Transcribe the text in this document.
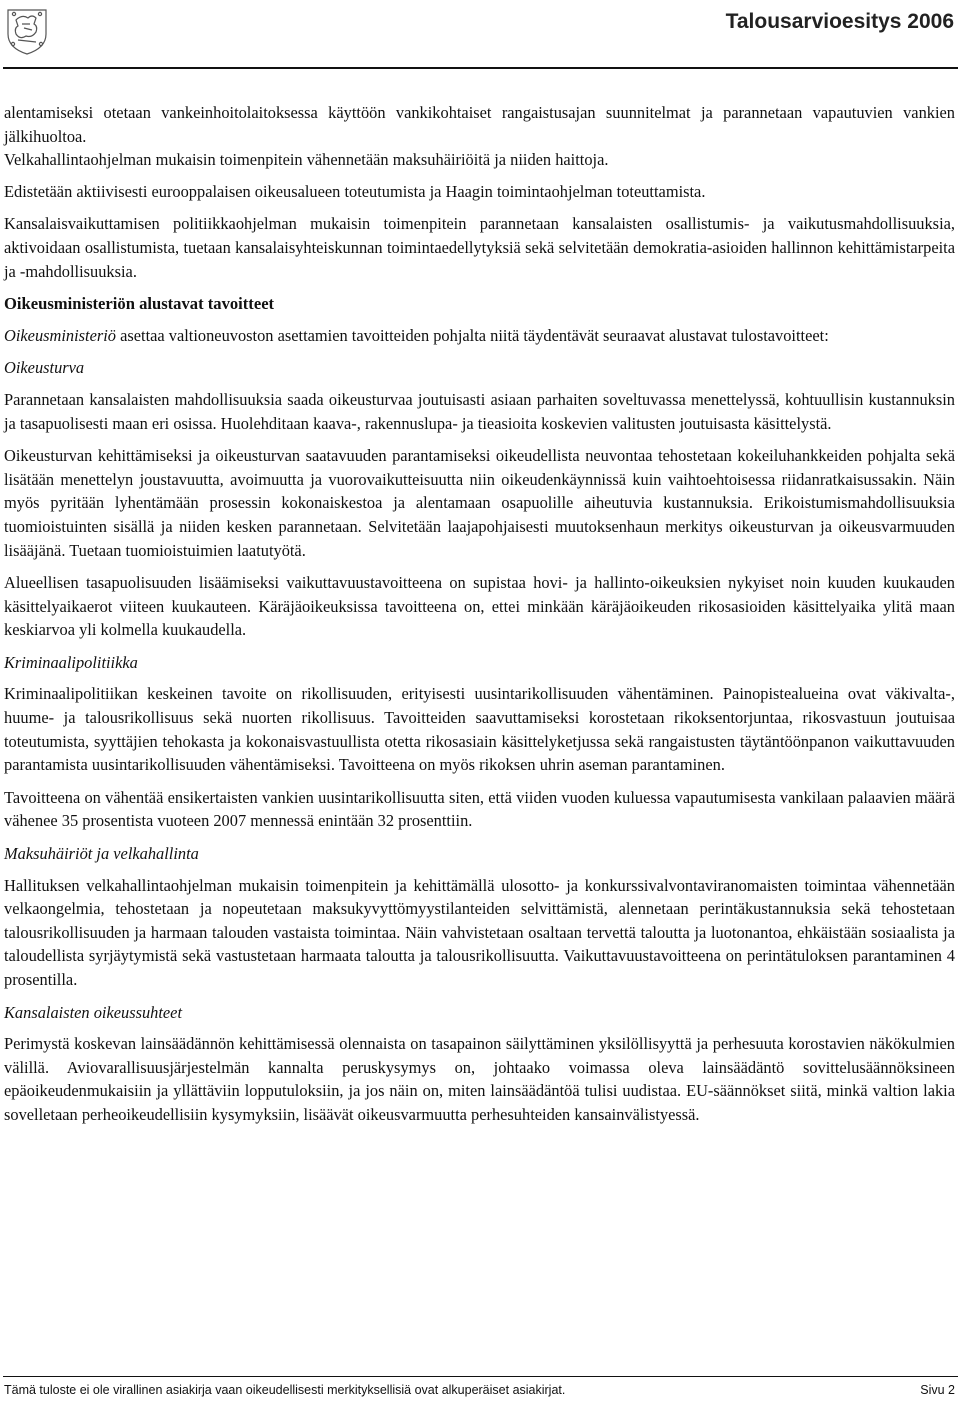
Talousarvioesitys 2006

alentamiseksi otetaan vankeinhoitolaitoksessa käyttöön vankikohtaiset rangaistusajan suunnitelmat ja parannetaan vapautuvien vankien jälkihuoltoa.

Velkahallintaohjelman mukaisin toimenpitein vähennetään maksuhäiriöitä ja niiden haittoja.

Edistetään aktiivisesti eurooppalaisen oikeusalueen toteutumista ja Haagin toimintaohjelman toteuttamista.

Kansalaisvaikuttamisen politiikkaohjelman mukaisin toimenpitein parannetaan kansalaisten osallistumis- ja vaikutusmahdollisuuksia, aktivoidaan osallistumista, tuetaan kansalaisyhteiskunnan toimintaedellytyksiä sekä selvitetään demokratia-asioiden hallinnon kehittämistarpeita ja -mahdollisuuksia.

Oikeusministeriön alustavat tavoitteet

Oikeusministeriö asettaa valtioneuvoston asettamien tavoitteiden pohjalta niitä täydentävät seuraavat alustavat tulostavoitteet:

Oikeusturva

Parannetaan kansalaisten mahdollisuuksia saada oikeusturvaa joutuisasti asiaan parhaiten soveltuvassa menettelyssä, kohtuullisin kustannuksin ja tasapuolisesti maan eri osissa. Huolehditaan kaava-, rakennuslupa- ja tieasioita koskevien valitusten joutuisasta käsittelystä.

Oikeusturvan kehittämiseksi ja oikeusturvan saatavuuden parantamiseksi oikeudellista neuvontaa tehostetaan kokeiluhankkeiden pohjalta sekä lisätään menettelyn joustavuutta, avoimuutta ja vuorovaikutteisuutta niin oikeudenkäynnissä kuin vaihtoehtoisessa riidanratkaisussakin. Näin myös pyritään lyhentämään prosessin kokonaiskestoa ja alentamaan osapuolille aiheutuvia kustannuksia. Erikoistumismahdollisuuksia tuomioistuinten sisällä ja niiden kesken parannetaan. Selvitetään laajapohjaisesti muutoksenhaun merkitys oikeusturvan ja oikeusvarmuuden lisääjänä. Tuetaan tuomioistuimien laatutyötä.

Alueellisen tasapuolisuuden lisäämiseksi vaikuttavuustavoitteena on supistaa hovi- ja hallinto-oikeuksien nykyiset noin kuuden kuukauden käsittelyaikaerot viiteen kuukauteen. Käräjäoikeuksissa tavoitteena on, ettei minkään käräjäoikeuden rikosasioiden käsittelyaika ylitä maan keskiarvoa yli kolmella kuukaudella.

Kriminaalipolitiikka

Kriminaalipolitiikan keskeinen tavoite on rikollisuuden, erityisesti uusintarikollisuuden vähentäminen. Painopistealueina ovat väkivalta-, huume- ja talousrikollisuus sekä nuorten rikollisuus. Tavoitteiden saavuttamiseksi korostetaan rikoksentorjuntaa, rikosvastuun joutuisaa toteutumista, syyttäjien tehokasta ja kokonaisvastuullista otetta rikosasiain käsittelyketjussa sekä rangaistusten täytäntöönpanon vaikuttavuuden parantamista uusintarikollisuuden vähentämiseksi. Tavoitteena on myös rikoksen uhrin aseman parantaminen.

Tavoitteena on vähentää ensikertaisten vankien uusintarikollisuutta siten, että viiden vuoden kuluessa vapautumisesta vankilaan palaavien määrä vähenee 35 prosentista vuoteen 2007 mennessä enintään 32 prosenttiin.

Maksuhäiriöt ja velkahallinta

Hallituksen velkahallintaohjelman mukaisin toimenpitein ja kehittämällä ulosotto- ja konkurssivalvontaviranomaisten toimintaa vähennetään velkaongelmia, tehostetaan ja nopeutetaan maksukyvyttömyystilanteiden selvittämistä, alennetaan perintäkustannuksia sekä tehostetaan talousrikollisuuden ja harmaan talouden vastaista toimintaa. Näin vahvistetaan osaltaan tervettä taloutta ja luotonantoa, ehkäistään sosiaalista ja taloudellista syrjäytymistä sekä vastustetaan harmaata taloutta ja talousrikollisuutta. Vaikuttavuustavoitteena on perintätuloksen parantaminen 4 prosentilla.

Kansalaisten oikeussuhteet

Perimystä koskevan lainsäädännön kehittämisessä olennaista on tasapainon säilyttäminen yksilöllisyyttä ja perhesuuta korostavien näkökulmien välillä. Aviovarallisuusjärjestelmän kannalta peruskysymys on, johtaako voimassa oleva lainsäädäntö sovittelusäännöksineen epäoikeudenmukaisiin ja yllättäviin lopputuloksiin, ja jos näin on, miten lainsäädäntöä tulisi uudistaa. EU-säännökset siitä, minkä valtion lakia sovelletaan perheoikeudellisiin kysymyksiin, lisäävät oikeusvarmuutta perhesuhteiden kansainvälistyessä.

Tämä tuloste ei ole virallinen asiakirja vaan oikeudellisesti merkityksellisiä ovat alkuperäiset asiakirjat.	Sivu 2
